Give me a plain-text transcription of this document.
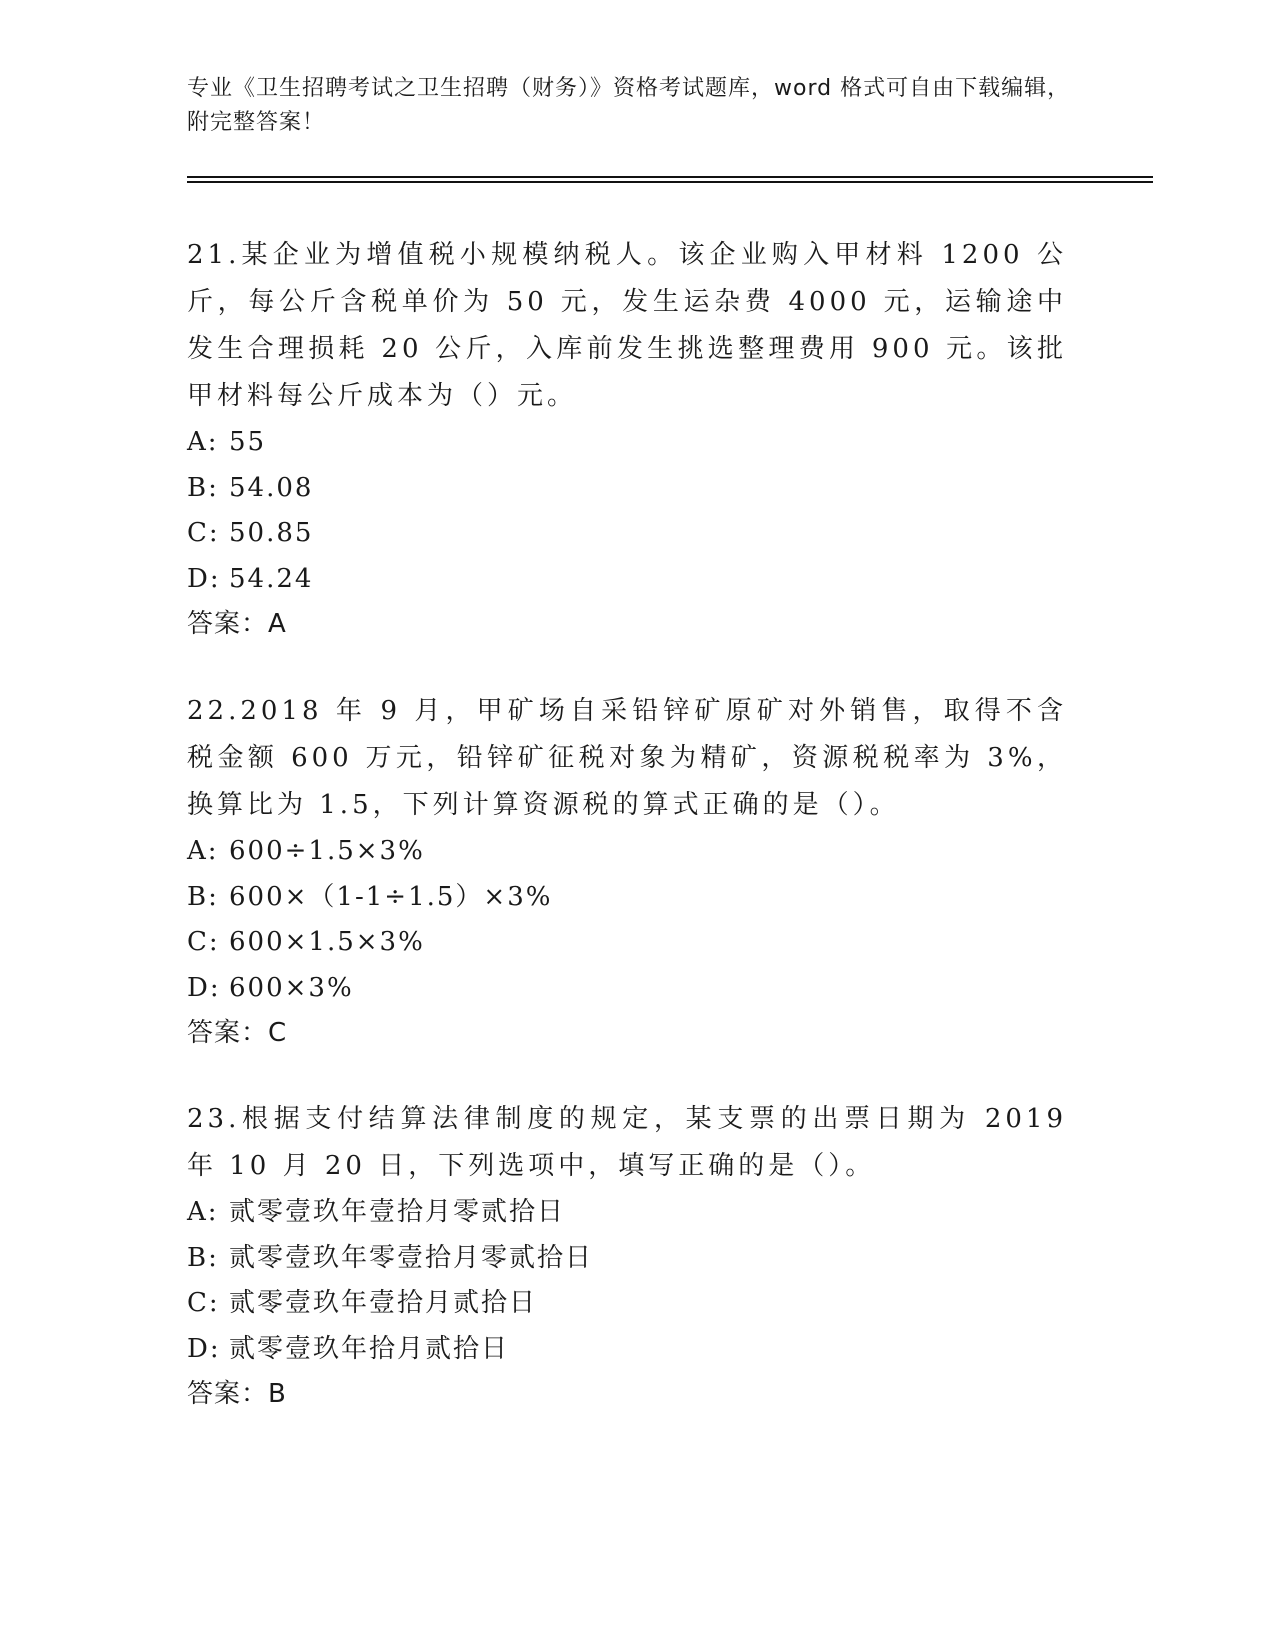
专业《卫生招聘考试之卫生招聘（财务）》资格考试题库，word 格式可自由下载编辑，附完整答案！

21.某企业为增值税小规模纳税人。该企业购入甲材料 1200 公斤，每公斤含税单价为 50 元，发生运杂费 4000 元，运输途中发生合理损耗 20 公斤，入库前发生挑选整理费用 900 元。该批甲材料每公斤成本为（）元。

A: 55

B: 54.08

C: 50.85

D: 54.24

答案：A

22.2018 年 9 月，甲矿场自采铅锌矿原矿对外销售，取得不含税金额 600 万元，铅锌矿征税对象为精矿，资源税税率为 3%，换算比为 1.5，下列计算资源税的算式正确的是（）。

A: 600÷1.5×3%

B: 600×（1-1÷1.5）×3%

C: 600×1.5×3%

D: 600×3%

答案：C

23.根据支付结算法律制度的规定，某支票的出票日期为 2019 年 10 月 20 日，下列选项中，填写正确的是（）。

A: 贰零壹玖年壹拾月零贰拾日

B: 贰零壹玖年零壹拾月零贰拾日

C: 贰零壹玖年壹拾月贰拾日

D: 贰零壹玖年拾月贰拾日

答案：B
